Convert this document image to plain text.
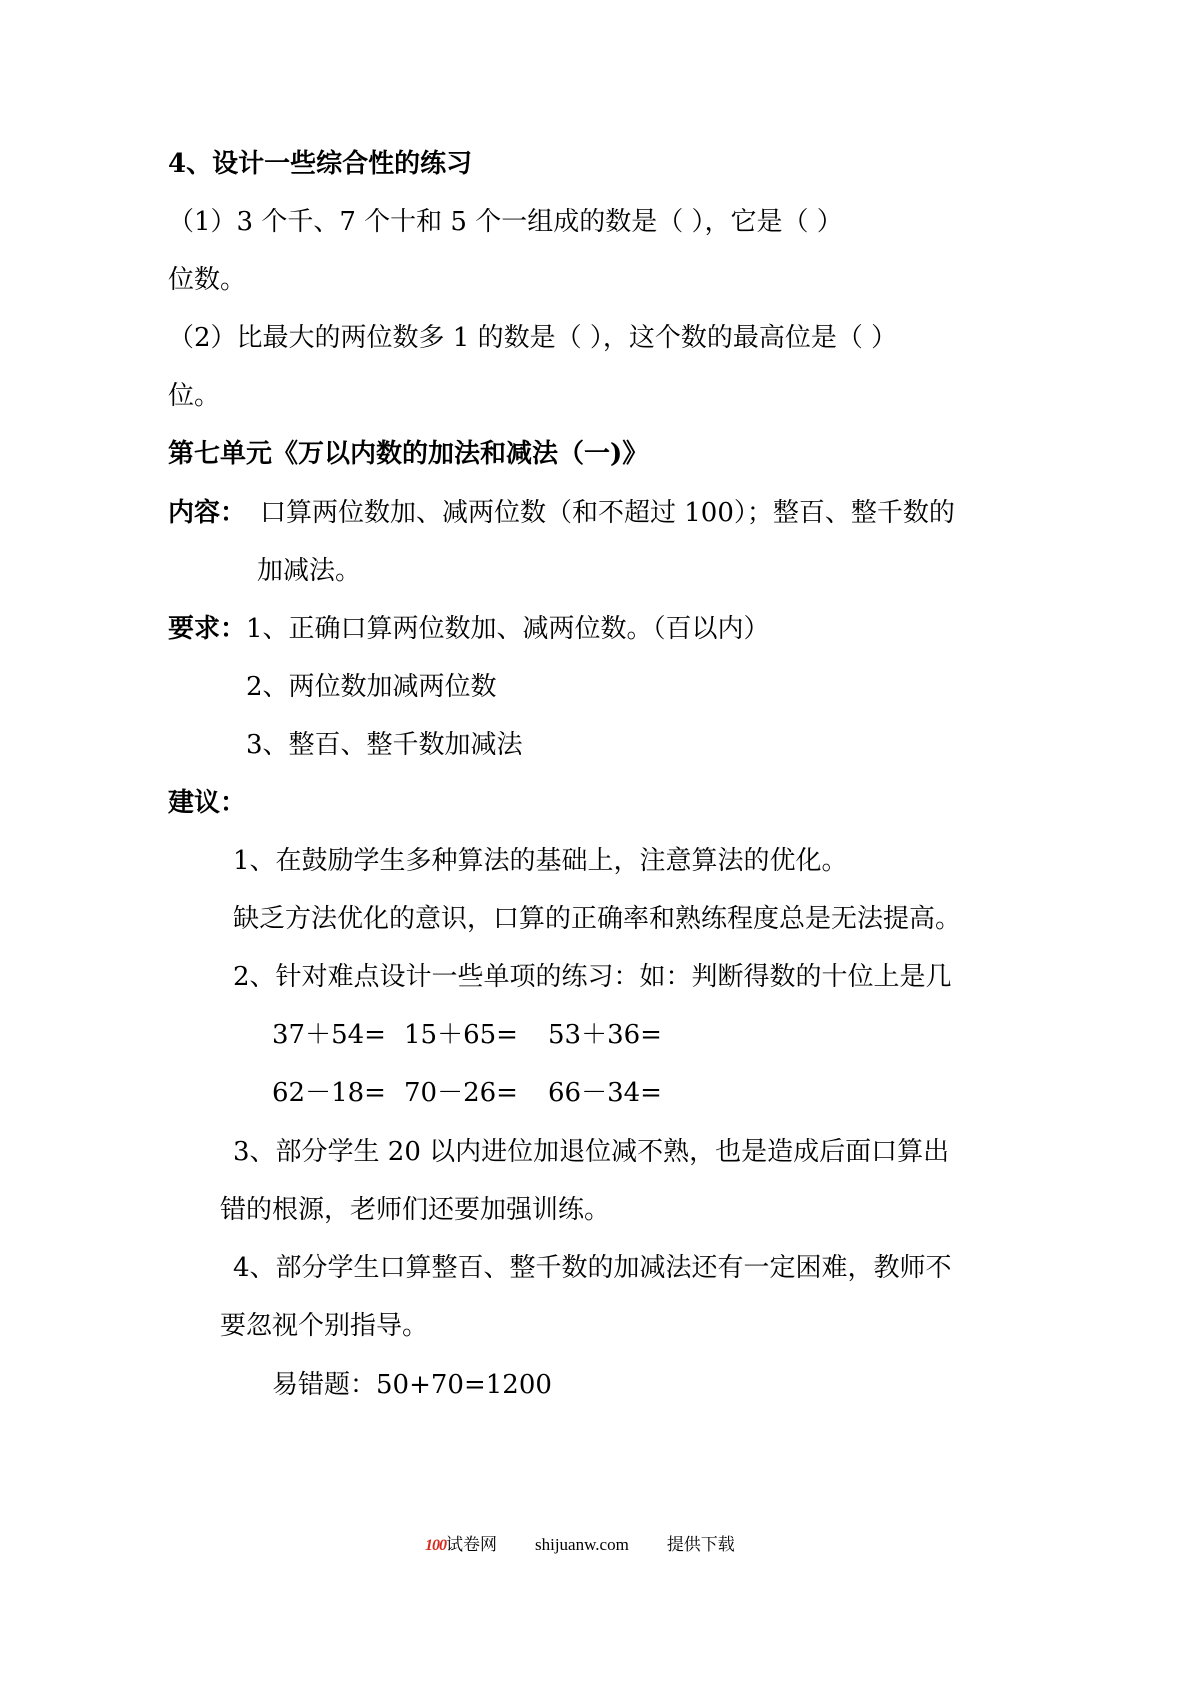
4、设计一些综合性的练习
（1）3 个千、7 个十和 5 个一组成的数是（ ），它是（ ）
位数。
（2）比最大的两位数多 1 的数是（ ），这个数的最高位是（ ）
位。
第七单元《万以内数的加法和减法（一)》
内容： 口算两位数加、减两位数（和不超过 100）；整百、整千数的
加减法。
要求： 1、正确口算两位数加、减两位数。（百以内）
2、两位数加减两位数
3、整百、整千数加减法
建议：
1、在鼓励学生多种算法的基础上，注意算法的优化。
缺乏方法优化的意识，口算的正确率和熟练程度总是无法提高。
2、针对难点设计一些单项的练习：如：判断得数的十位上是几
37＋54= 15＋65= 53＋36=
62－18= 70－26= 66－34=
3、部分学生 20 以内进位加退位减不熟，也是造成后面口算出
错的根源，老师们还要加强训练。
4、部分学生口算整百、整千数的加减法还有一定困难，教师不
要忽视个别指导。
易错题：50+70=1200
100试卷网 shijuanw.com 提供下载
